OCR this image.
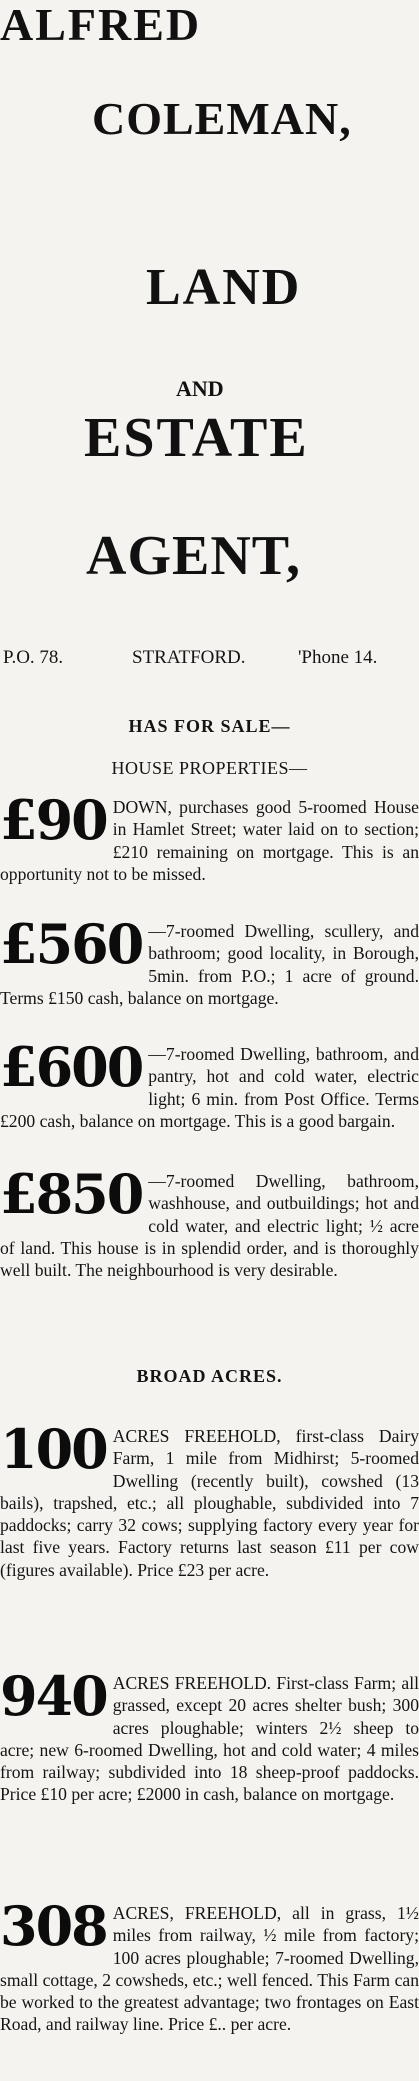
ALFRED
COLEMAN,
LAND
AND
ESTATE
AGENT,
P.O. 78.	STRATFORD.	'Phone 14.
HAS FOR SALE—
HOUSE PROPERTIES—
£90 DOWN, purchases good 5-roomed House in Hamlet Street; water laid on to section; £210 remaining on mortgage. This is an opportunity not to be missed.
£560 —7-roomed Dwelling, scullery, and bathroom; good locality, in Borough, 5min. from P.O.; 1 acre of ground. Terms £150 cash, balance on mortgage.
£600 —7-roomed Dwelling, bathroom, and pantry, hot and cold water, electric light; 6 min. from Post Office. Terms £200 cash, balance on mortgage. This is a good bargain.
£850 —7-roomed Dwelling, bathroom, washhouse, and outbuildings; hot and cold water, and electric light; ½ acre of land. This house is in splendid order, and is thoroughly well built. The neighbourhood is very desirable.
BROAD ACRES.
100 ACRES FREEHOLD, first-class Dairy Farm, 1 mile from Midhirst; 5-roomed Dwelling (recently built), cowshed (13 bails), trapshed, etc.; all ploughable, subdivided into 7 paddocks; carry 32 cows; supplying factory every year for last five years. Factory returns last season £11 per cow (figures available). Price £23 per acre.
940 ACRES FREEHOLD. First-class Farm; all grassed, except 20 acres shelter bush; 300 acres ploughable; winters 2½ sheep to acre; new 6-roomed Dwelling, hot and cold water; 4 miles from railway; subdivided into 18 sheep-proof paddocks. Price £10 per acre; £2000 in cash, balance on mortgage.
308 ACRES, FREEHOLD, all in grass, 1½ miles from railway, ½ mile from factory; 100 acres ploughable; 7-roomed Dwelling, small cottage, 2 cowsheds, etc.; well fenced. This Farm can be worked to the greatest advantage; two frontages on East Road, and railway line. Price £.. per acre.
